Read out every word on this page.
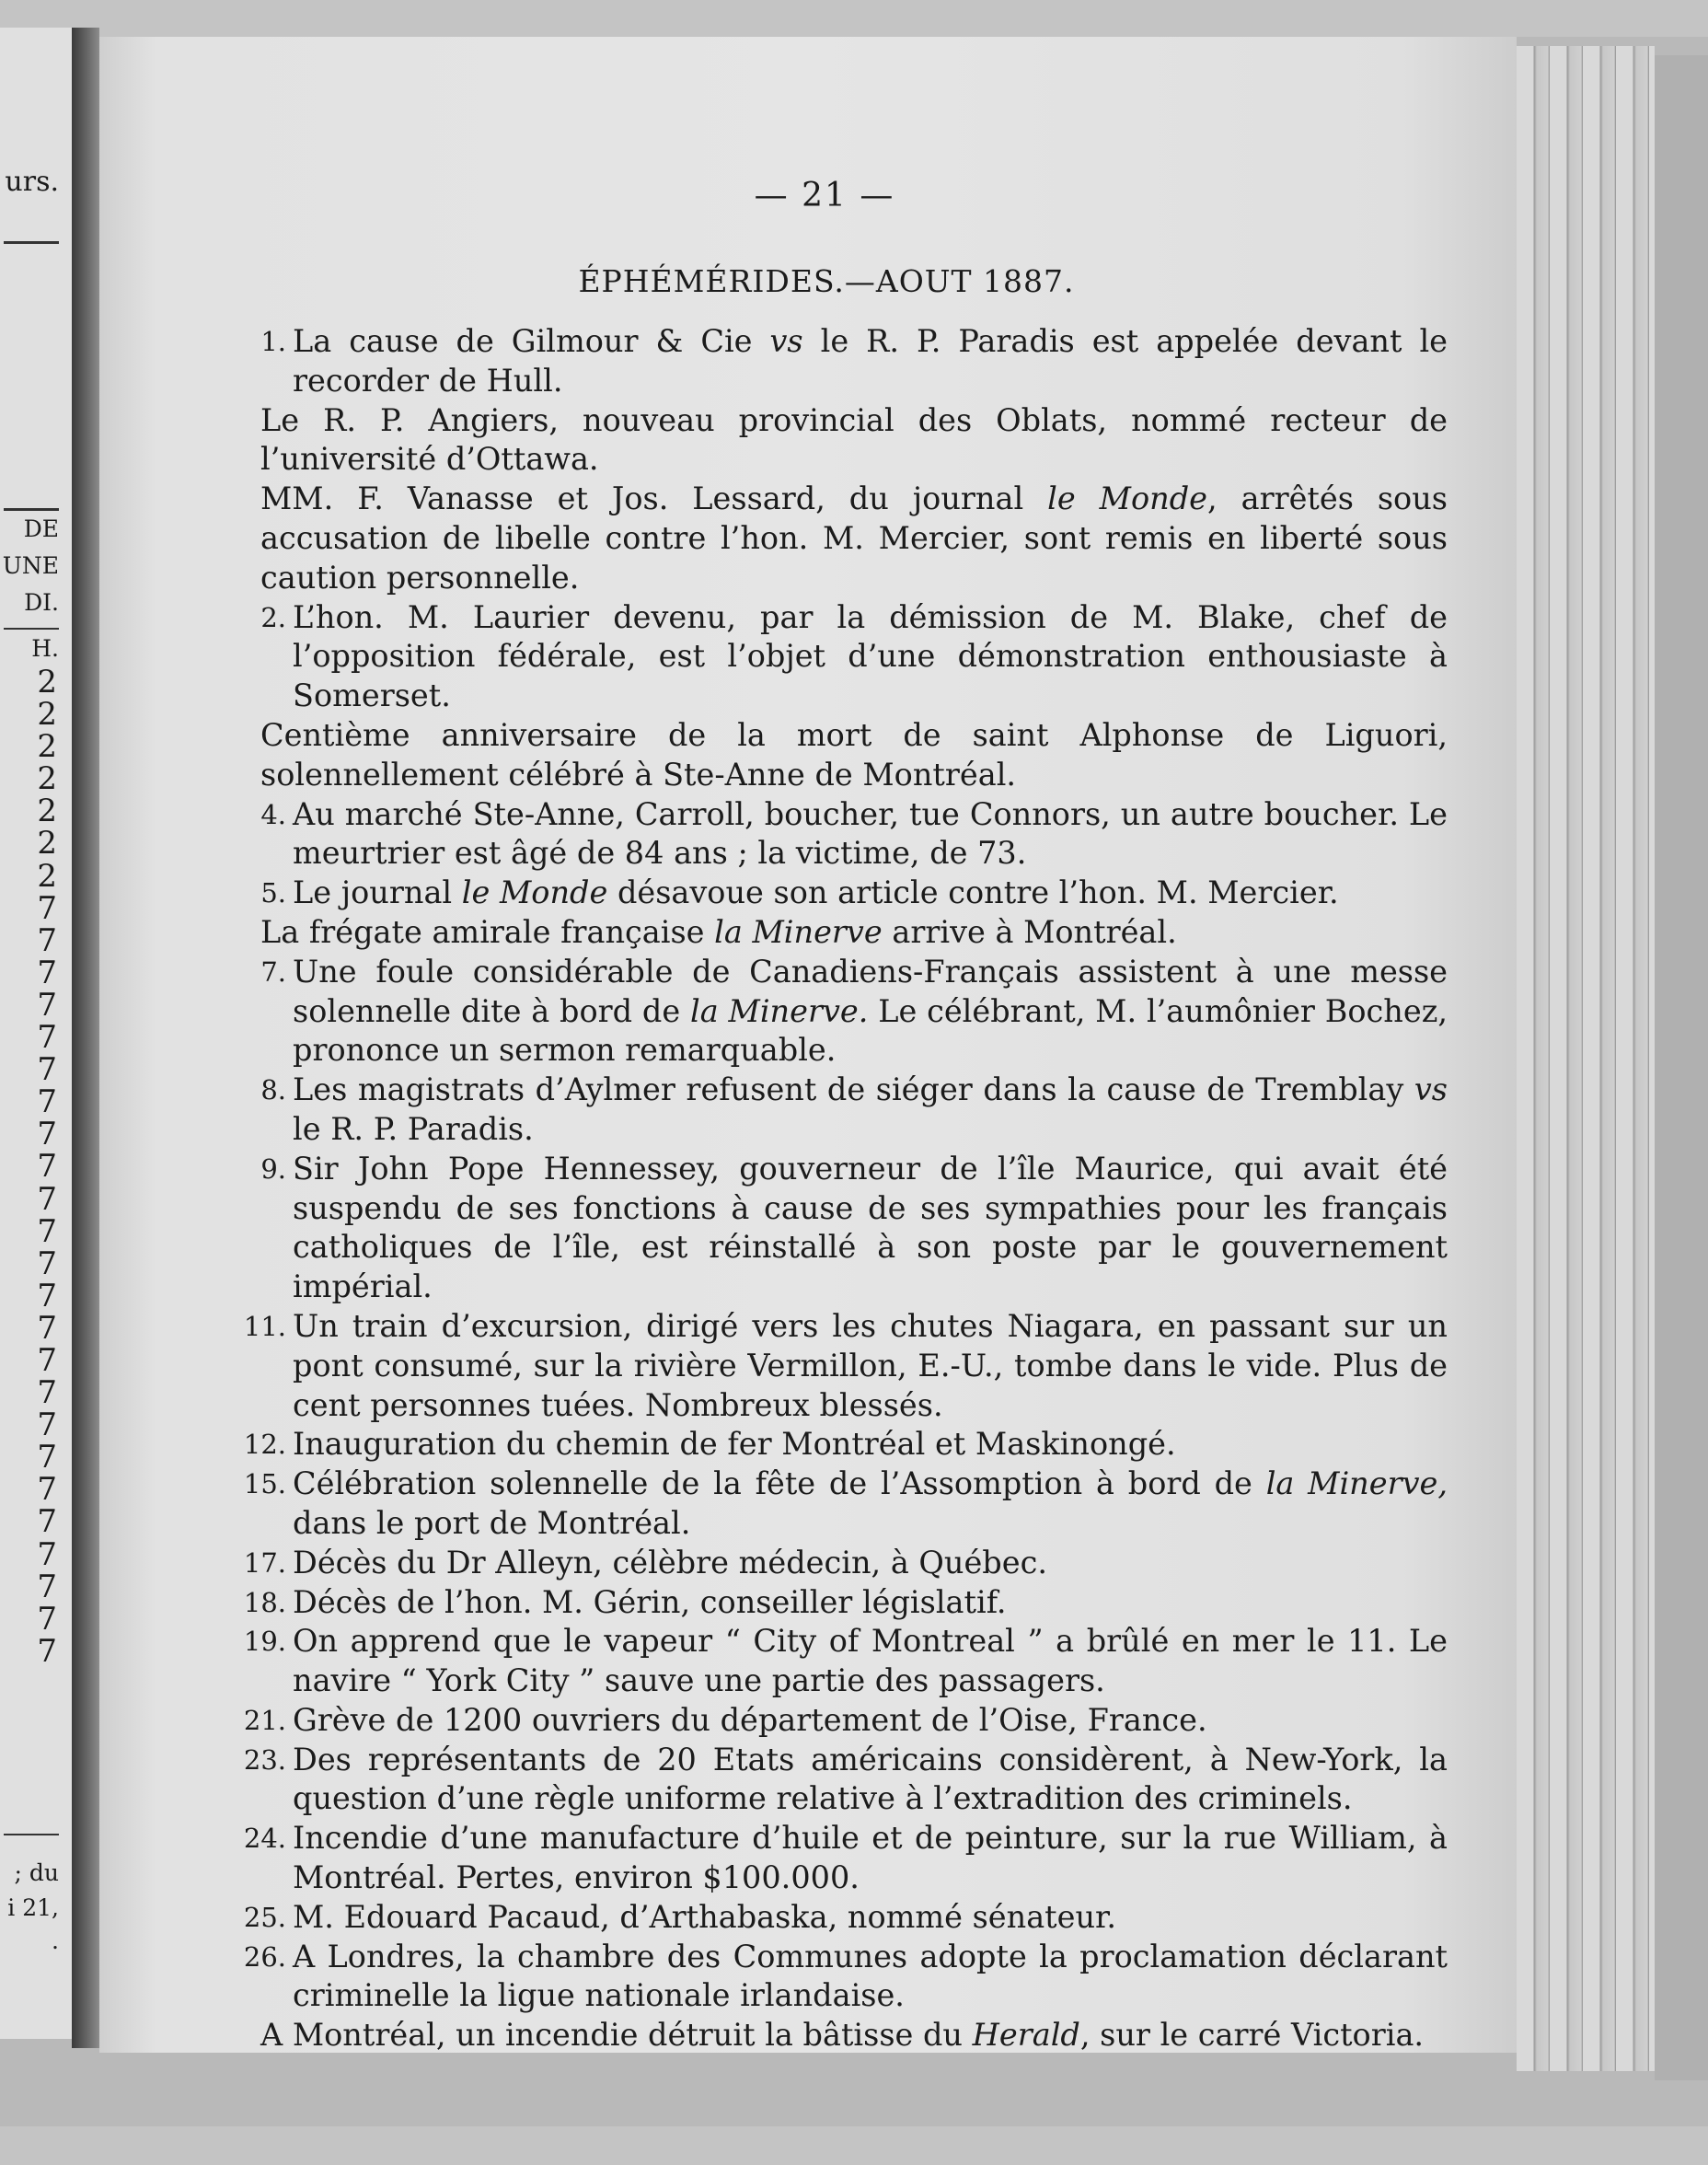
urs.
DE
UNE
DI.
H.
2
2
2
2
2
2
2
7
7
7
7
7
7
7
7
7
7
7
7
7
7
7
7
7
7
7
7
7
7
7
7
; du
i 21,
.
— 21 —
ÉPHÉMÉRIDES.—AOUT 1887.
1. La cause de Gilmour & Cie vs le R. P. Paradis est appelée devant le recorder de Hull.
Le R. P. Angiers, nouveau provincial des Oblats, nommé recteur de l’université d’Ottawa.
MM. F. Vanasse et Jos. Lessard, du journal le Monde, arrêtés sous accusation de libelle contre l’hon. M. Mercier, sont remis en liberté sous caution personnelle.
2. L’hon. M. Laurier devenu, par la démission de M. Blake, chef de l’opposition fédérale, est l’objet d’une démonstration enthousiaste à Somerset.
Centième anniversaire de la mort de saint Alphonse de Liguori, solennellement célébré à Ste-Anne de Montréal.
4. Au marché Ste-Anne, Carroll, boucher, tue Connors, un autre boucher. Le meurtrier est âgé de 84 ans ; la victime, de 73.
5. Le journal le Monde désavoue son article contre l’hon. M. Mercier.
La frégate amirale française la Minerve arrive à Montréal.
7. Une foule considérable de Canadiens-Français assistent à une messe solennelle dite à bord de la Minerve. Le célébrant, M. l’aumônier Bochez, prononce un sermon remarquable.
8. Les magistrats d’Aylmer refusent de siéger dans la cause de Tremblay vs le R. P. Paradis.
9. Sir John Pope Hennessey, gouverneur de l’île Maurice, qui avait été suspendu de ses fonctions à cause de ses sympathies pour les français catholiques de l’île, est réinstallé à son poste par le gouvernement impérial.
11. Un train d’excursion, dirigé vers les chutes Niagara, en passant sur un pont consumé, sur la rivière Vermillon, E.-U., tombe dans le vide. Plus de cent personnes tuées. Nombreux blessés.
12. Inauguration du chemin de fer Montréal et Maskinongé.
15. Célébration solennelle de la fête de l’Assomption à bord de la Minerve, dans le port de Montréal.
17. Décès du Dr Alleyn, célèbre médecin, à Québec.
18. Décès de l’hon. M. Gérin, conseiller législatif.
19. On apprend que le vapeur “ City of Montreal ” a brûlé en mer le 11. Le navire “ York City ” sauve une partie des passagers.
21. Grève de 1200 ouvriers du département de l’Oise, France.
23. Des représentants de 20 Etats américains considèrent, à New-York, la question d’une règle uniforme relative à l’extradition des criminels.
24. Incendie d’une manufacture d’huile et de peinture, sur la rue William, à Montréal. Pertes, environ $100.000.
25. M. Edouard Pacaud, d’Arthabaska, nommé sénateur.
26. A Londres, la chambre des Communes adopte la proclamation déclarant criminelle la ligue nationale irlandaise.
A Montréal, un incendie détruit la bâtisse du Herald, sur le carré Victoria.
